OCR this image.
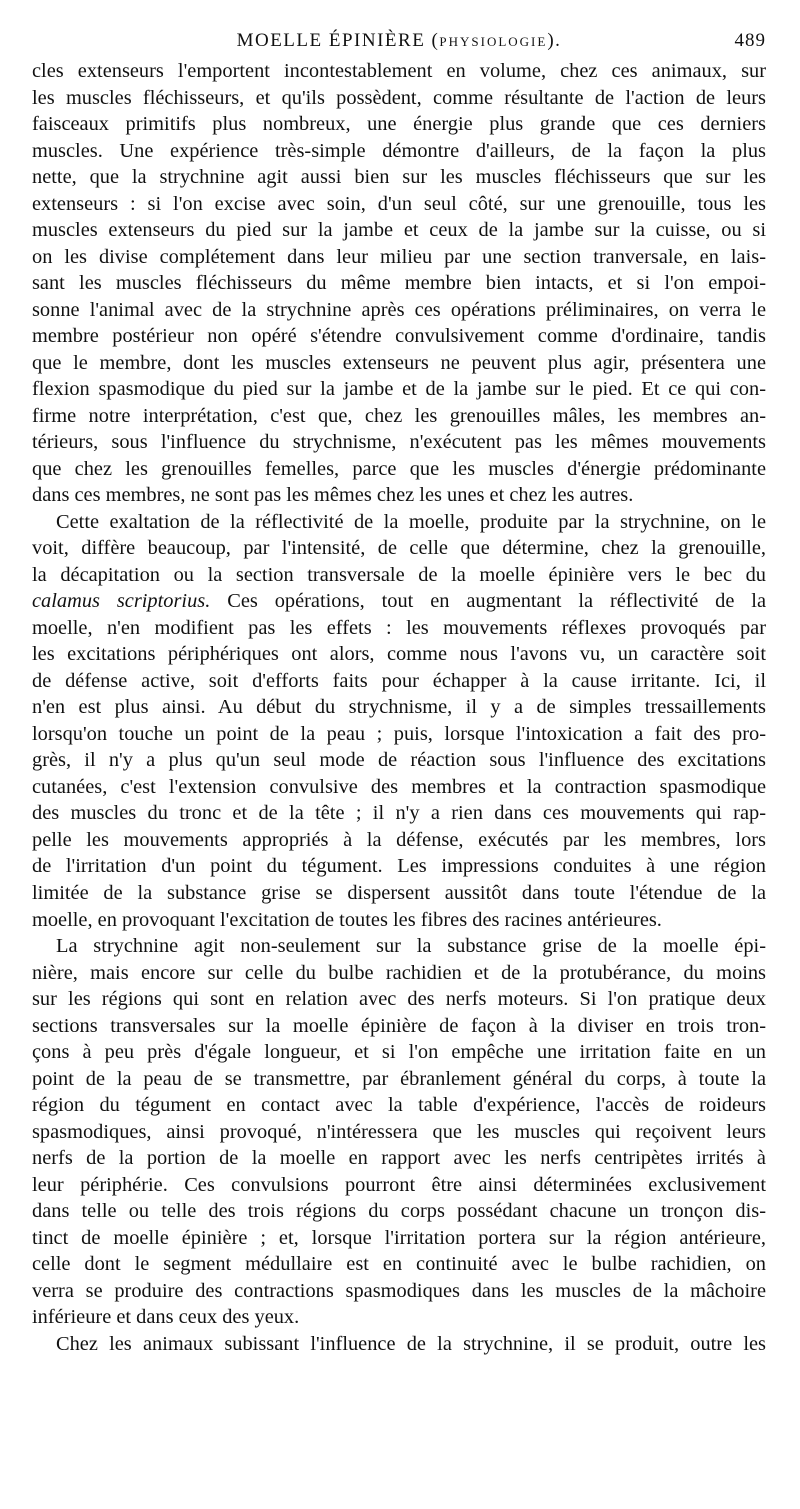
MOELLE ÉPINIÈRE (PHYSIOLOGIE).	489
cles extenseurs l'emportent incontestablement en volume, chez ces animaux, sur
les muscles fléchisseurs, et qu'ils possèdent, comme résultante de l'action de leurs
faisceaux primitifs plus nombreux, une énergie plus grande que ces derniers
muscles. Une expérience très-simple démontre d'ailleurs, de la façon la plus
nette, que la strychnine agit aussi bien sur les muscles fléchisseurs que sur les
extenseurs : si l'on excise avec soin, d'un seul côté, sur une grenouille, tous les
muscles extenseurs du pied sur la jambe et ceux de la jambe sur la cuisse, ou si
on les divise complétement dans leur milieu par une section tranversale, en lais-
sant les muscles fléchisseurs du même membre bien intacts, et si l'on empoi-
sonne l'animal avec de la strychnine après ces opérations préliminaires, on verra le
membre postérieur non opéré s'étendre convulsivement comme d'ordinaire, tandis
que le membre, dont les muscles extenseurs ne peuvent plus agir, présentera une
flexion spasmodique du pied sur la jambe et de la jambe sur le pied. Et ce qui con-
firme notre interprétation, c'est que, chez les grenouilles mâles, les membres an-
térieurs, sous l'influence du strychnisme, n'exécutent pas les mêmes mouvements
que chez les grenouilles femelles, parce que les muscles d'énergie prédominante
dans ces membres, ne sont pas les mêmes chez les unes et chez les autres.
Cette exaltation de la réflectivité de la moelle, produite par la strychnine, on le
voit, diffère beaucoup, par l'intensité, de celle que détermine, chez la grenouille,
la décapitation ou la section transversale de la moelle épinière vers le bec du
calamus scriptorius. Ces opérations, tout en augmentant la réflectivité de la
moelle, n'en modifient pas les effets : les mouvements réflexes provoqués par
les excitations périphériques ont alors, comme nous l'avons vu, un caractère soit
de défense active, soit d'efforts faits pour échapper à la cause irritante. Ici, il
n'en est plus ainsi. Au début du strychnisme, il y a de simples tressaillements
lorsqu'on touche un point de la peau ; puis, lorsque l'intoxication a fait des pro-
grès, il n'y a plus qu'un seul mode de réaction sous l'influence des excitations
cutanées, c'est l'extension convulsive des membres et la contraction spasmodique
des muscles du tronc et de la tête ; il n'y a rien dans ces mouvements qui rap-
pelle les mouvements appropriés à la défense, exécutés par les membres, lors
de l'irritation d'un point du tégument. Les impressions conduites à une région
limitée de la substance grise se dispersent aussitôt dans toute l'étendue de la
moelle, en provoquant l'excitation de toutes les fibres des racines antérieures.
La strychnine agit non-seulement sur la substance grise de la moelle épi-
nière, mais encore sur celle du bulbe rachidien et de la protubérance, du moins
sur les régions qui sont en relation avec des nerfs moteurs. Si l'on pratique deux
sections transversales sur la moelle épinière de façon à la diviser en trois tron-
çons à peu près d'égale longueur, et si l'on empêche une irritation faite en un
point de la peau de se transmettre, par ébranlement général du corps, à toute la
région du tégument en contact avec la table d'expérience, l'accès de roideurs
spasmodiques, ainsi provoqué, n'intéressera que les muscles qui reçoivent leurs
nerfs de la portion de la moelle en rapport avec les nerfs centripètes irrités à
leur périphérie. Ces convulsions pourront être ainsi déterminées exclusivement
dans telle ou telle des trois régions du corps possédant chacune un tronçon dis-
tinct de moelle épinière ; et, lorsque l'irritation portera sur la région antérieure,
celle dont le segment médullaire est en continuité avec le bulbe rachidien, on
verra se produire des contractions spasmodiques dans les muscles de la mâchoire
inférieure et dans ceux des yeux.
Chez les animaux subissant l'influence de la strychnine, il se produit, outre les
